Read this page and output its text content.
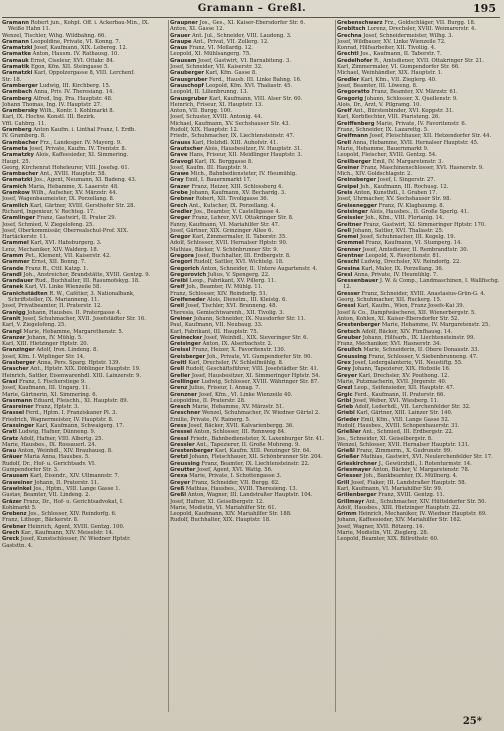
Gramann – Greßl.	195
Gramann Robert jun., Kohpt. Off. i. Ackerbau-Min., IX. Weiße Hahn 11.
Wenzel, Tischler, Wihg. Wildbahng. 66.
Gramann Leopoldine, Private, VI. Konng. 7.
Gramatzki Josef, Kaufmann, XIX. Lebereg. 12.
Gramatke Anton, Hausm. IV. Rathausg. 10.
Gramauk Ernst, Ciseleur, XVI. Ottakr. 84.
Gramatik Egon, Kfm. XII. Steingasse 5.
Gramatzki Karl, Oppolzergasse 8, VIII. Lerchenf.
Str. 18.
Gramberger Ludwig, III. Kirchberg. 15.
Grambach Anna, Priv. IV. Theresiang. 14.
Gramberg Alfred, Ing. Pra. Hauptstr. 48.
Johann Thomas, Ing. IV. Hauptstr. 27.
Grambersky Wilh., Kontr. I. Kohlmarkt 8.
Karl, IX. Hochw. Konstl. III. Bezirk.
Vffl. Cahbrg. 11.
Gramberg Anton Kaufm. i. Linthal Franz, I. Erdb.
IV. Gramberg. 8.
Grambacher Frz., Landesger. IV. Mayerg. 9.
Grameta Josef, Private, Kaufm. IV. Trentstr. 8.
Gramatzky Alois, Kaffeesieder, XI. Simmering.
Haupt. 25.
Georg, Kirchenrat Hoheleurer, VIII. Josefsg. 61.
Grambacher Ant., XVIII. Hauptstr. 58.
Gramatzki Jos., Agent, Neumann, XI. Badeng. 43.
Gramich Maria, Hebamme, X. Laaerstr. 48.
Gramkow Wilh., Aufseher, XV. Märzstr. 44.
Josef, Wagenbaumeister, IX. Porzellang. 8.
Gramlich Karl, Gärtner, XVIII. Gersthofer Str. 28.
Richard, Ingenieur, V. Rechteg. 17.
Gramlinger Franz, Gastwirt, II. Prater 29.
Josef, Schmied, V. Ziegelofeng. 25.
Josef, Oberkommissär, Oberrealschul-Prof. XIX.
Hartäckerstr. 11.
Grammel Karl, XVI. Habsburgerg. 3.
Lenz, Mechaniker, XIV. Walderg. 18.
Gramm Pet., Klement, VII. Kaiserstr. 42.
Grammer Ernst, XII. Bonng. 7.
Grande Franz R., Cttf. Katzg. 1.
Grandl Joh., Anstreicher, Brandstätte, XVIII. Gentzg. 9.
Grandauer Rud., Buchhalter, III. Rasumofskyg. 18.
Granek Karl, VI. Linke Wienzeile 58.
Granichstädten R. W., Cafétier, 3. Nationalbank, Schriftsteller, IX. Marianneng. 11.
Josef, Privatbeamter, II. Praterstr. 12.
Granigg Johann, Hausbes. II. Pratergasse 4.
Granit Josef, Schuhmacher, XVII. Josefstädter Str. 16.
Karl, V. Ziegelofeng. 25.
Grangl Marie, Hebamme, Margarethenstr. 5.
Granzer Johann, IV. Mühlg. 5.
Karl, XIII. Hietzinger Hptstr. 20.
Granzinger Adolf, Iron. Lindeng. 8.
Josef, Kfm. I. Wiplinger Str. 14.
Grasberger Anna, Pers. Sparg. Hptstr. 139.
Grascher Ant., Hptstr. XIX. Döblinger Hauptstr. 19.
Heinrich, Sattler, Eisenwarenhdl. XIII. Lainzerstr. 9.
Grasl Franz, I. Fischerstiege 9.
Josef, Kaufmann, III. Ungarg. 11.
Marie, Gärtnerin, XI. Simmering. 6.
Grasmann Eduard, Fleischh., XI. Hauptstr. 89.
Grasreiner Franz, Hptstr. 3.
Grassel Ferd., Hptm. I. Franziskaner Pl. 3.
Friedrich, Wagnermeister, IV. Hauptstr. 8.
Grassinger Karl, Kaufmann, Schwaigerg. 17.
Gratl Ludwig, Hafner, Dünneng. 9.
Gratz Adolf, Hafner, VIII. Albertg. 25.
Marie, Hausbes., IX. Rossauerl. 24.
Grau Anton, Weinhdl., XIV. Brauhausg. 8.
Gräuer Maria Anna, Hausbes. 5.
Rudolf, Dr., Hof- u. Gerichtsadv. VI.
Gumpendorfer Str. 3.
Grausam Karl, Eisendr., XIV. Ullmannstr. 7.
Graweiner Johann, II. Praterstr. 11.
Grawinkel Jos., Hptm., VIII. Lange Gasse 1.
Gustav, Beamter, VII. Lindeng. 2.
Gräzer Franz, Dr., Hof- u. Gerichtsadvokat, I.
Kohlmarkt 5.
Grebenz Jos., Schlosser, XIV. Reindorfg. 6.
Franz, Lithogr., Bäckerstr. 8.
Grebner Heinrich, Agent, XVIII. Gentzg. 100.
Grech Kar., Kaufmann, XIV. Meiselstr. 14.
Greck Josef, Kunstschlosser, IV. Wiedner Hptstr.
Gaststtn. 4.
Graupner Jos., Ges., XI. Kaiser-Ebersdorfer Str. 6.
Anton, XI. Gasse 12.
Grauer Ant. Jul., Schneider, VIII. Laudong. 3.
Graupe Ant., Privat, VII. Zollerg. 12.
Graus Franz, VI. Mollardg. 12.
Leopold, XI. Mühlsangerg. 75.
Grausam Josef, Gastwirt, VI. Barnabiteng. 3.
Josef, Schneider, VII. Kaiserstr. 32.
Grauberger Karl, Kfm. Gasse 8.
Grausgruber Ferd., Hausb. III. Linke Bahng. 16.
Grauschopf Leopold, Kfm. XVI. Thaliastr. 45.
Leopold, II. Lilienbrunng. 13.
Grausgruber Karl, Kaufmann, VIII. Alser Str. 60.
Heinrich, Friseur, XI. Hauptstr. 13.
Anton, VII. Burgg. 100.
Josef, Schuster, XVIII. Antonig. 44.
Michael, Kaufmann, XV. Sechshauser Str. 43.
Rudolf, XIX. Hauptstr. 12.
Friedr., Schuhmacher, IX. Liechtensteinstr. 47.
Grauss Karl, Holzhdl. XIII. Auhofstr. 41.
Grautscher Alois, Hausbesitzer, IV. Hauptstr. 31.
Grave Hans, Friseur, XII. Meidlinger Hauptstr. 3.
Gravogl Karl, IX. Berggasse 8.
Josef, Kaufm. III. Hauptstr. 9.
Grawe Mich., Bahnbediensteter, IV. Heumühlg.
Gray Emil, I. Bauernmarkt 17.
Grazer Franz, Heizer, XIII. Schlossberg 4.
Grebe Johann, Kaufmann, XV. Bechardg. 3.
Grebner Robert, XII. Tivoligasse 36.
Grech Ant., Kutscher, IX. Porzellang. 4.
Gredler Jos., Beamter, V. Castelligasse 4.
Greger Franz, Lehrer, XVI. Ottakringer Str. 8.
Fanny, Kaufmann, VI. Mariahilfer Str. 47.
Josef, Gärtner, XIX. Grinzinger Allee 6.
Gregor Karl, Zimmermaler, II. Taborstr. 35.
Adolf, Schlosser, XVII. Hernalser Hptstr. 90.
Mathias, Bäcker, V. Schönbrunner Str. 9.
Gregora Josef, Buchhalter, III. Erdbergstr. 8.
Gregori Rudolf, Sattler, XVI. Wichtelg. 18.
Gregorich Anton, Schneider, II. Untere Augartenstr. 4.
Gregorovich Julius, V. Spengerg. 22.
Greibl Leop., Fabrikant, XV. Pillerg. 11.
Greif Joh., Beamter, IV. Mühlg. 11.
Franz, Schlosser, XIV. Reindorfg. 51.
Greifeneder Alois, Dienstm., III. Kleistg. 6.
Greil Josef, Tischler, XVI. Brunneng. 48.
Theresia, Gemischtwarenh., XII. Tivolig. 3.
Greiner Johann, Schneider, IX. Nussdorfer Str. 11.
Paul, Kaufmann, VII. Neubaug. 33.
Karl, Fabrikant, III. Hauptstr. 75.
Greinecker Josef, Weinhdl., XIX. Sieveringer Str. 6.
Greisinger Anton, IX. Alserbachstr. 2.
Greissl Franz, Heizer, X. Favoritenstr. 130.
Greisberger Joh., Private, VI. Gumpendorfer Str. 90.
Greitl Karl, Drechsler, IV. Schleifmühlg. 8.
Grell Rudolf, Geschäftsführer, VIII. Josefstädter Str. 41.
Greller Josef, Hausbesitzer, XI. Simmeringer Hptstr. 54.
Grellinger Ludwig, Schlosser, XVIII. Währinger Str. 87.
Grenz Julius, Friseur, I. Annag. 7.
Grenzner Josef, Kfm., VI. Linke Wienzeile 40.
Leopoldine, II. Praterstr. 28.
Gresch Marie, Hebamme, XV. Märzstr. 51.
Greschner Wenzel, Schuhmacher, IV. Wiedner Gürtel 2.
Emilie, Private, IV. Rainerg. 5.
Gress Josef, Bäcker, XVII. Kalvarienbergg. 36.
Gressel Anton, Schlosser, III. Rennweg 84.
Gressl Friedr., Bahnbediensteter, X. Laxenburger Str. 41.
Gressler Ant., Tapezierer, II. Große Mohreng. 9.
Grestenberger Karl, Kaufm. XIII. Penzinger Str. 64.
Gretzl Johann, Fleischhauer, XII. Schönbrunner Str. 204.
Greussing Franz, Beamter, IX. Liechtensteinstr. 22.
Greutter Josef, Agent, XVI. Wattg. 56.
Grexa Marie, Private, I. Schottengasse 3.
Greyer Franz, Schneider, VII. Burgg. 62.
Greß Mathias, Hausbes., XVIII. Theresieng. 13.
Greßl Anton, Wagner, III. Landstraßer Hauptstr. 104.
Josef, Hafner, XI. Geiselbergstr. 12.
Marie, Modistin, VI. Mariahilfer Str. 61.
Leopold, Kaufmann, XIV. Mariahilfer Str. 188.
Rudolf, Buchhalter, XIX. Hauptstr. 18.
Grebenschwarz Frz., Goldschläger, VII. Burgg. 18.
Grebitsch Lorenz, Drechsler, XVIII. Weimarerstr. 4.
Grechna Josef, Schneidermeister, Wilhg. 3.
Josef, Wildbauer, XV. Linke Wienzeile 72.
Konrad, Hilfsarbeiter, XII. Tivoliig. 4.
Grechtl Jos., Kaufmann, II. Taborstr. 7.
Gredelhofer R., Amtsdiener, XVII. Ottakringer Str. 21.
Karl, Zimmermaler, VI. Gumpendorfer Str. 66.
Michael, Weinhändler, XIX. Hauptstr. 1.
Gredler Karl, Kfm., VII. Zieglerg. 40.
Josef, Beamter, III. Löweng. 8.
Gregoratto Franz, Beamter, XV. Märzstr. 61.
Gregorig Johann, Schlosser, X. Quellenstr. 9.
Alois, Dr., Arzt, V. Pilgramg. 10.
Greif Ant., Bürstenbinder, XVI. Koppstr. 31.
Karl, Korbflechter, VIII. Piaristeng. 26.
Greiffenberg Marie, Private, IV. Favoritenstr. 6.
Franz, Schneider, IX. Lazarettg. 5.
Greifmann Josef, Fleischhauer, XII. Hetzendorfer Str. 44.
Greil Anna, Hebamme, XVII. Hernalser Hauptstr. 45.
Marie, Hebamme, Bauernmarkt 9.
Leopold, Fleischer, XVIII. Gentzg. 54.
Greilberger Emil, IV. Margaretenstr. 3.
Greiner Franz, Maschinenschlosser, XVI. Hasnerstr. 9.
Mich., XIV. Goldschlagstr. 2.
Greinsberger Josef, I. Singerstr. 27.
Greipel Joh., Kaufmann, III. Rochusg. 12.
Greis Anton, Kunsthdl., I. Graben 17.
Josef, Uhrmacher, XV. Sechshauser Str. 98.
Greisenegger Franz, IV. Klagbaumg. 8.
Greisinger Alois, Hausbes., II. Große Sperlg. 41.
Greissler Joh., Kfm., VIII. Florianig. 14.
Greitner Franz, Gastwirt, XI. Simmeringer Hptstr. 170.
Grell Johann, Sattler, XVI. Thaliastr. 25.
Gremel Josef, Schuhmacher, III. Kegelg. 19.
Gremmel Franz, Kaufmann, VI. Stumperg. 14.
Grenner Josef, Amtsdiener, II. Rembrandtstr. 30.
Grentner Leopold, X. Favoritenstr. 81.
Greschl Ludwig, Drechsler, XV. Reindorfg. 22.
Gresina Karl, Maler, IX. Porzellang. 36.
Gresl Anna, Private, IV. Heumühlg. 7.
Gressenbauer J. W. & Comp., Landmaschinen, I. Wallfischg. 12.
Gresser Franz, Schneider, XVIII. Anastasius-Grün-G. 4.
Georg, Schuhmacher, XII. Ruckerg. 15.
Gressl Karl, Kaufm., Wien, Franz Josefs-Kai 39.
Josef & Co., Dampfwäscherei, XII. Wienerbergstr. 5.
Anton, Kohlen, XI. Kaiser-Ebersdorfer Str. 52.
Grestenberger Marie, Hebamme, IV. Margaretenstr. 25.
Gretsch Adolf, Bäcker, XIV. Fünfhausg. 14.
Greuber Johann, Hilfsarb., IX. Liechtensteinstr. 99.
Franz, Mechaniker, XVI. Hasnerstr. 34.
Greulich Marie, Schneiderin, II. Obere Donaustr. 33.
Greussing Franz, Schlosser, V. Siebenbrunneng. 47.
Grex Josef, Ledergalanterie, VII. Neustiftg. 55.
Grey Johann, Tapezierer, XIX. Hofzeile 16.
Greyer Karl, Drechsler, XV. Pouthong. 12.
Marie, Putzmacherin, XVII. Jörgerstr. 40.
Grezl Leop., Seifensieder, XII. Hauptstr. 47.
Grgic Ferd., Kaufmann, II. Praterstr. 66.
Gribl Josef, Weber, XVI. Wiesberg. 11.
Grieb Adolf, Lederhdl., VII. Lerchenfelder Str. 32.
Griebl Karl, Gärtner, XIII. Lainzer Str. 140.
Grieder Emil, Kfm., VIII. Lange Gasse 52.
Rudolf, Hausbes., XVIII. Schopenhauerstr. 31.
Grießler Ant., Schmied, III. Erdbergstr. 22.
Jos., Schneider, XI. Geiselbergstr. 8.
Wenzel, Schlosser, XVII. Hernalser Hauptstr. 131.
Grießl Franz, Zimmerm., X. Gudrunstr. 99.
Grießer Mathias, Gastwirt, XVI. Neulerchenfelder Str. 17.
Grieskirchner J., Gewürzhdl., I. Rotenturmstr. 14.
Griesmayer Anton, Bäcker, V. Margaretenstr. 78.
Griesser Joh., Bankbeamter, IX. Müllnerg. 4.
Grill Josef, Fiaker, III. Landstraßer Hauptstr. 58.
Karl, Kaufmann, VI. Mariahilfer Str. 99.
Grillenberger Franz, XVIII. Gentzg. 11.
Grillmayr Ant., Schuhmacher, XIV. Hütteldorfer Str. 50.
Adolf, Hausbes., XIII. Hietzinger Hauptstr. 22.
Grimm Heinrich, Mechaniker, IV. Wiedner Hauptstr. 69.
Johann, Kaffeesieder, XIV. Mariahilfer Str. 162.
Josef, Wagner, XVII. Rötzerg. 14.
Marie, Modistin, VII. Zieglerg. 28.
Leopold, Beamter, XIX. Billrothstr. 60.
25*
